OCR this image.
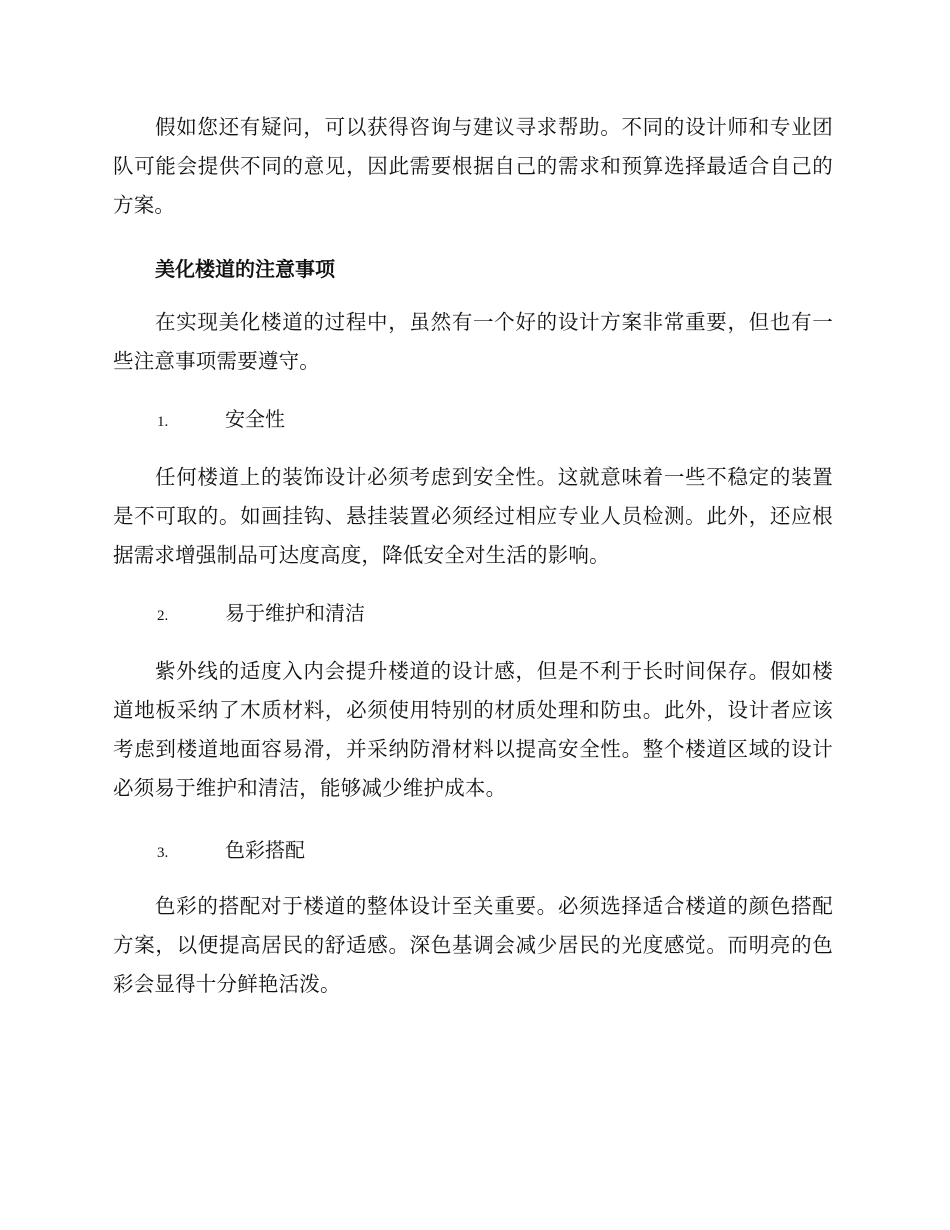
假如您还有疑问，可以获得咨询与建议寻求帮助。不同的设计师和专业团队可能会提供不同的意见，因此需要根据自己的需求和预算选择最适合自己的方案。

美化楼道的注意事项

在实现美化楼道的过程中，虽然有一个好的设计方案非常重要，但也有一些注意事项需要遵守。

1.	安全性

任何楼道上的装饰设计必须考虑到安全性。这就意味着一些不稳定的装置是不可取的。如画挂钩、悬挂装置必须经过相应专业人员检测。此外，还应根据需求增强制品可达度高度，降低安全对生活的影响。

2.	易于维护和清洁

紫外线的适度入内会提升楼道的设计感，但是不利于长时间保存。假如楼道地板采纳了木质材料，必须使用特别的材质处理和防虫。此外，设计者应该考虑到楼道地面容易滑，并采纳防滑材料以提高安全性。整个楼道区域的设计必须易于维护和清洁，能够减少维护成本。

3.	色彩搭配

色彩的搭配对于楼道的整体设计至关重要。必须选择适合楼道的颜色搭配方案，以便提高居民的舒适感。深色基调会减少居民的光度感觉。而明亮的色彩会显得十分鲜艳活泼。
